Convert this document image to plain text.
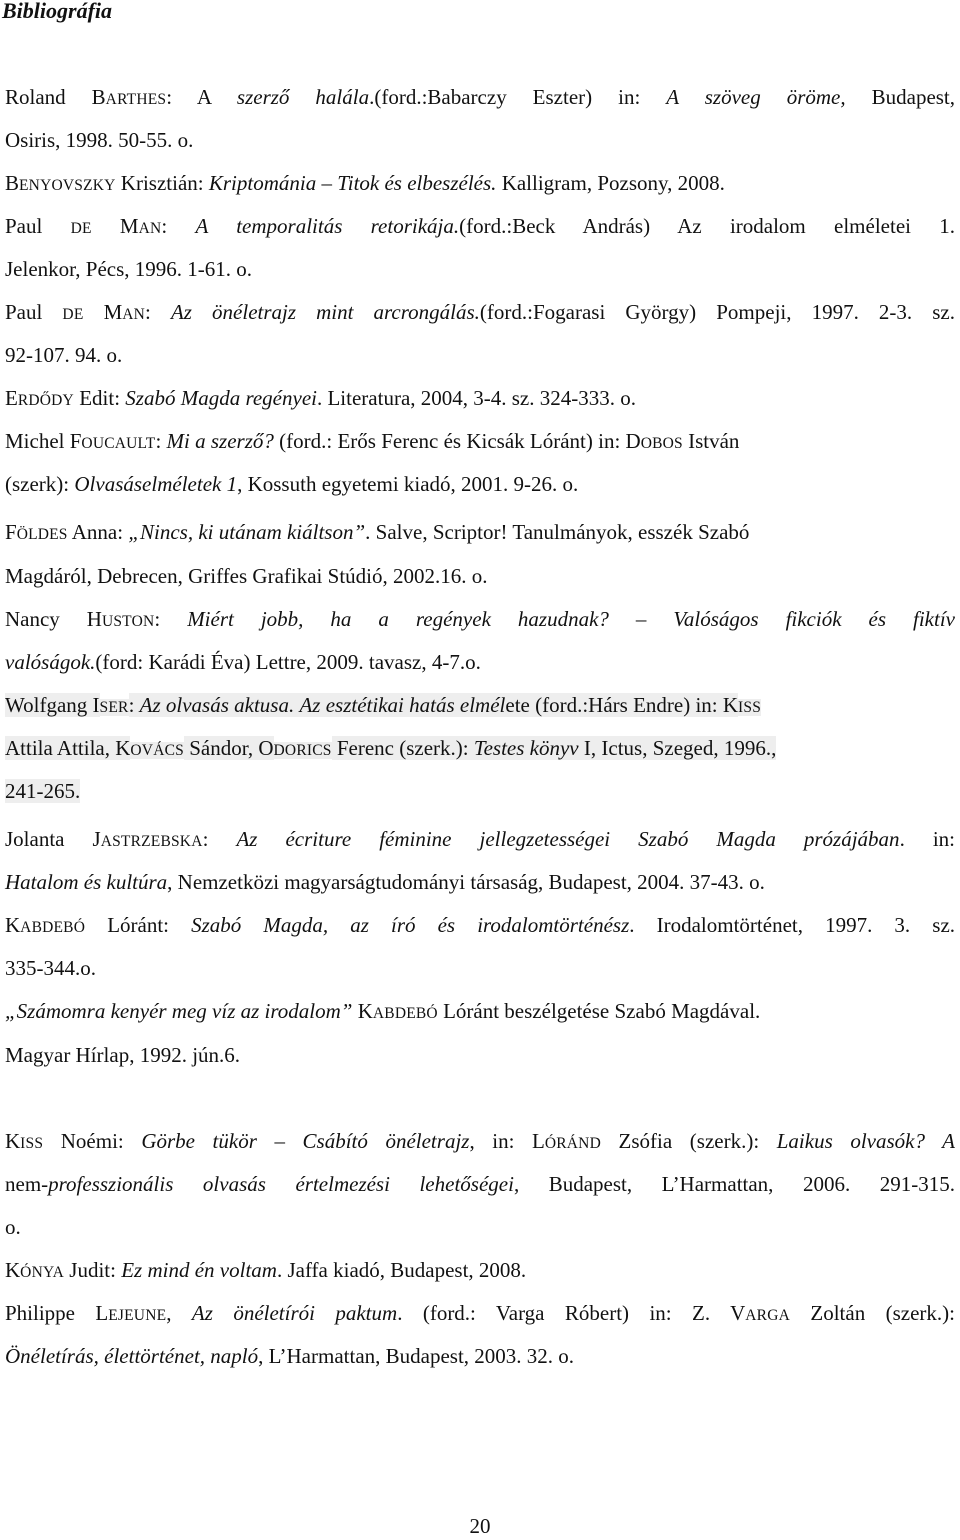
Bibliográfia
Roland BARTHES: A szerző halála.(ford.:Babarczy Eszter) in: A szöveg öröme, Budapest,
Osiris, 1998. 50-55. o.
BENYOVSZKY Krisztián: Kriptománia – Titok és elbeszélés. Kalligram, Pozsony, 2008.
Paul DE MAN: A temporalitás retorikája.(ford.:Beck András) Az irodalom elméletei 1.
Jelenkor, Pécs, 1996. 1-61. o.
Paul DE MAN: Az önéletrajz mint arcrongálás.(ford.:Fogarasi György) Pompeji, 1997. 2-3. sz.
92-107. 94. o.
ERDŐDY Edit: Szabó Magda regényei. Literatura, 2004, 3-4. sz. 324-333. o.
Michel FOUCAULT: Mi a szerző? (ford.: Erős Ferenc és Kicsák Lóránt) in: DOBOS István
(szerk): Olvasáselméletek 1, Kossuth egyetemi kiadó, 2001. 9-26. o.
FÖLDES Anna: „Nincs, ki utánam kiáltson”. Salve, Scriptor! Tanulmányok, esszék Szabó
Magdáról, Debrecen, Griffes Grafikai Stúdió, 2002.16. o.
Nancy HUSTON: Miért jobb, ha a regények hazudnak? – Valóságos fikciók és fiktív
valóságok.(ford: Karádi Éva) Lettre, 2009. tavasz, 4-7.o.
Wolfgang ISER: Az olvasás aktusa. Az esztétikai hatás elmélete (ford.:Hárs Endre) in: KISS
Attila Attila, KOVÁCS Sándor, ODORICS Ferenc (szerk.): Testes könyv I, Ictus, Szeged, 1996.,
241-265.
Jolanta JASTRZEBSKA: Az écriture féminine jellegzetességei Szabó Magda prózájában. in:
Hatalom és kultúra, Nemzetközi magyarságtudományi társaság, Budapest, 2004. 37-43. o.
KABDEBÓ Lóránt: Szabó Magda, az író és irodalomtörténész. Irodalomtörténet, 1997. 3. sz.
335-344.o.
„Számomra kenyér meg víz az irodalom” KABDEBÓ Lóránt beszélgetése Szabó Magdával.
Magyar Hírlap, 1992. jún.6.
KISS Noémi: Görbe tükör – Csábító önéletrajz, in: LÓRÁND Zsófia (szerk.): Laikus olvasók? A
nem-professzionális olvasás értelmezési lehetőségei, Budapest, L’Harmattan, 2006. 291-315.
o.
KÓNYA Judit: Ez mind én voltam. Jaffa kiadó, Budapest, 2008.
Philippe LEJEUNE, Az önéletírói paktum. (ford.: Varga Róbert) in: Z. VARGA Zoltán (szerk.):
Önéletírás, élettörténet, napló, L’Harmattan, Budapest, 2003. 32. o.
20
